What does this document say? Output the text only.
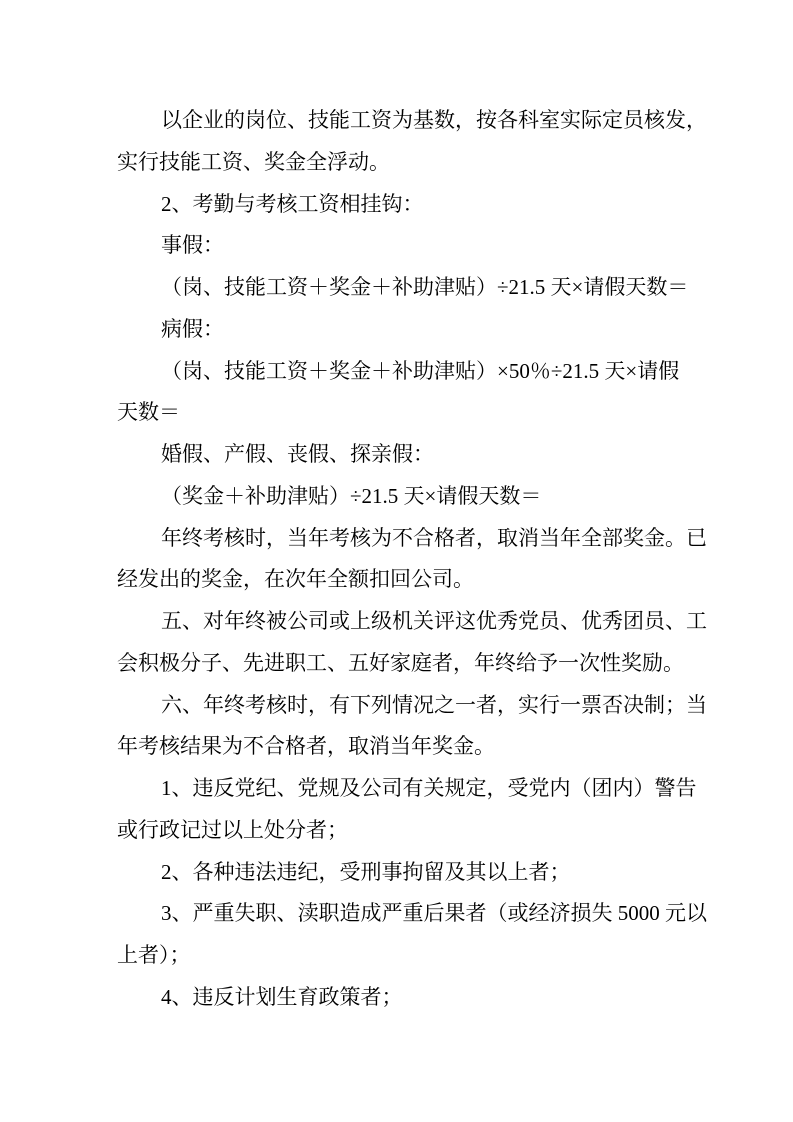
以企业的岗位、技能工资为基数，按各科室实际定员核发，
实行技能工资、奖金全浮动。
2、考勤与考核工资相挂钩：
事假：
（岗、技能工资＋奖金＋补助津贴）÷21.5 天×请假天数＝
病假：
（岗、技能工资＋奖金＋补助津贴）×50％÷21.5 天×请假
天数＝
婚假、产假、丧假、探亲假：
（奖金＋补助津贴）÷21.5 天×请假天数＝
年终考核时，当年考核为不合格者，取消当年全部奖金。已
经发出的奖金，在次年全额扣回公司。
五、对年终被公司或上级机关评这优秀党员、优秀团员、工
会积极分子、先进职工、五好家庭者，年终给予一次性奖励。
六、年终考核时，有下列情况之一者，实行一票否决制；当
年考核结果为不合格者，取消当年奖金。
1、违反党纪、党规及公司有关规定，受党内（团内）警告
或行政记过以上处分者；
2、各种违法违纪，受刑事拘留及其以上者；
3、严重失职、渎职造成严重后果者（或经济损失 5000 元以
上者）；
4、违反计划生育政策者；
